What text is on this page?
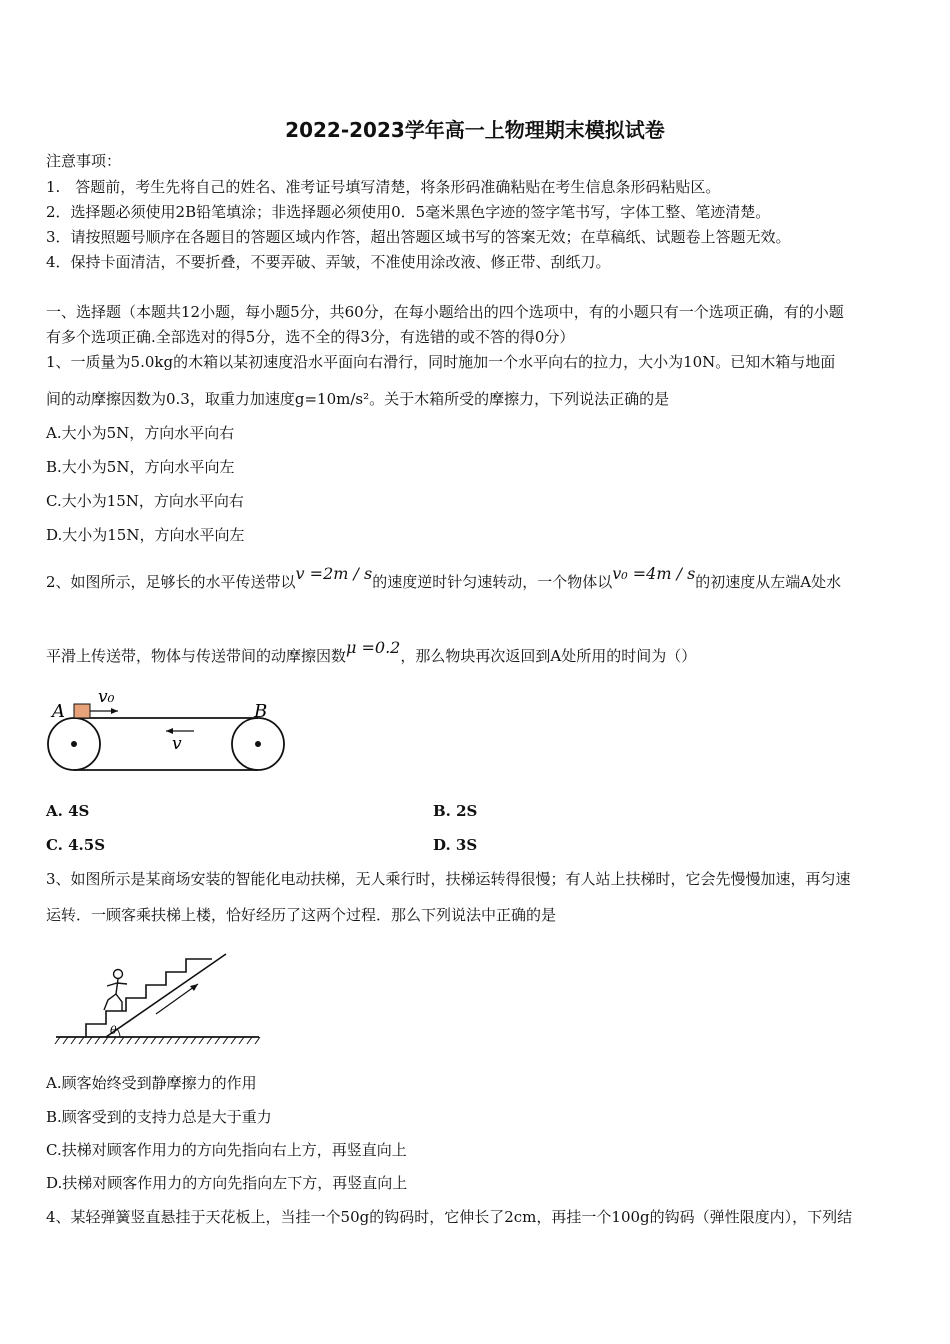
2022-2023学年高一上物理期末模拟试卷
注意事项：
1.　答题前，考生先将自己的姓名、准考证号填写清楚，将条形码准确粘贴在考生信息条形码粘贴区。
2．选择题必须使用2B铅笔填涂；非选择题必须使用0．5毫米黑色字迹的签字笔书写，字体工整、笔迹清楚。
3．请按照题号顺序在各题目的答题区域内作答，超出答题区域书写的答案无效；在草稿纸、试题卷上答题无效。
4．保持卡面清洁，不要折叠，不要弄破、弄皱，不准使用涂改液、修正带、刮纸刀。
一、选择题（本题共12小题，每小题5分，共60分，在每小题给出的四个选项中，有的小题只有一个选项正确，有的小题
有多个选项正确.全部选对的得5分，选不全的得3分，有选错的或不答的得0分）
1、一质量为5.0kg的木箱以某初速度沿水平面向右滑行，同时施加一个水平向右的拉力，大小为10N。已知木箱与地面
间的动摩擦因数为0.3，取重力加速度g=10m/s²。关于木箱所受的摩擦力，下列说法正确的是
A.大小为5N，方向水平向右
B.大小为5N，方向水平向左
C.大小为15N，方向水平向右
D.大小为15N，方向水平向左
2、如图所示，足够长的水平传送带以v =2m / s的速度逆时针匀速转动，一个物体以v₀ =4m / s的初速度从左端A处水
平滑上传送带，物体与传送带间的动摩擦因数μ =0.2，那么物块再次返回到A处所用的时间为（）
A	B
v₀
v
A. 4S	B. 2S
C. 4.5S	D. 3S
3、如图所示是某商场安装的智能化电动扶梯，无人乘行时，扶梯运转得很慢；有人站上扶梯时，它会先慢慢加速，再匀速
运转．一顾客乘扶梯上楼，恰好经历了这两个过程．那么下列说法中正确的是
θ
A.顾客始终受到静摩擦力的作用
B.顾客受到的支持力总是大于重力
C.扶梯对顾客作用力的方向先指向右上方，再竖直向上
D.扶梯对顾客作用力的方向先指向左下方，再竖直向上
4、某轻弹簧竖直悬挂于天花板上，当挂一个50g的钩码时，它伸长了2cm，再挂一个100g的钩码（弹性限度内），下列结
